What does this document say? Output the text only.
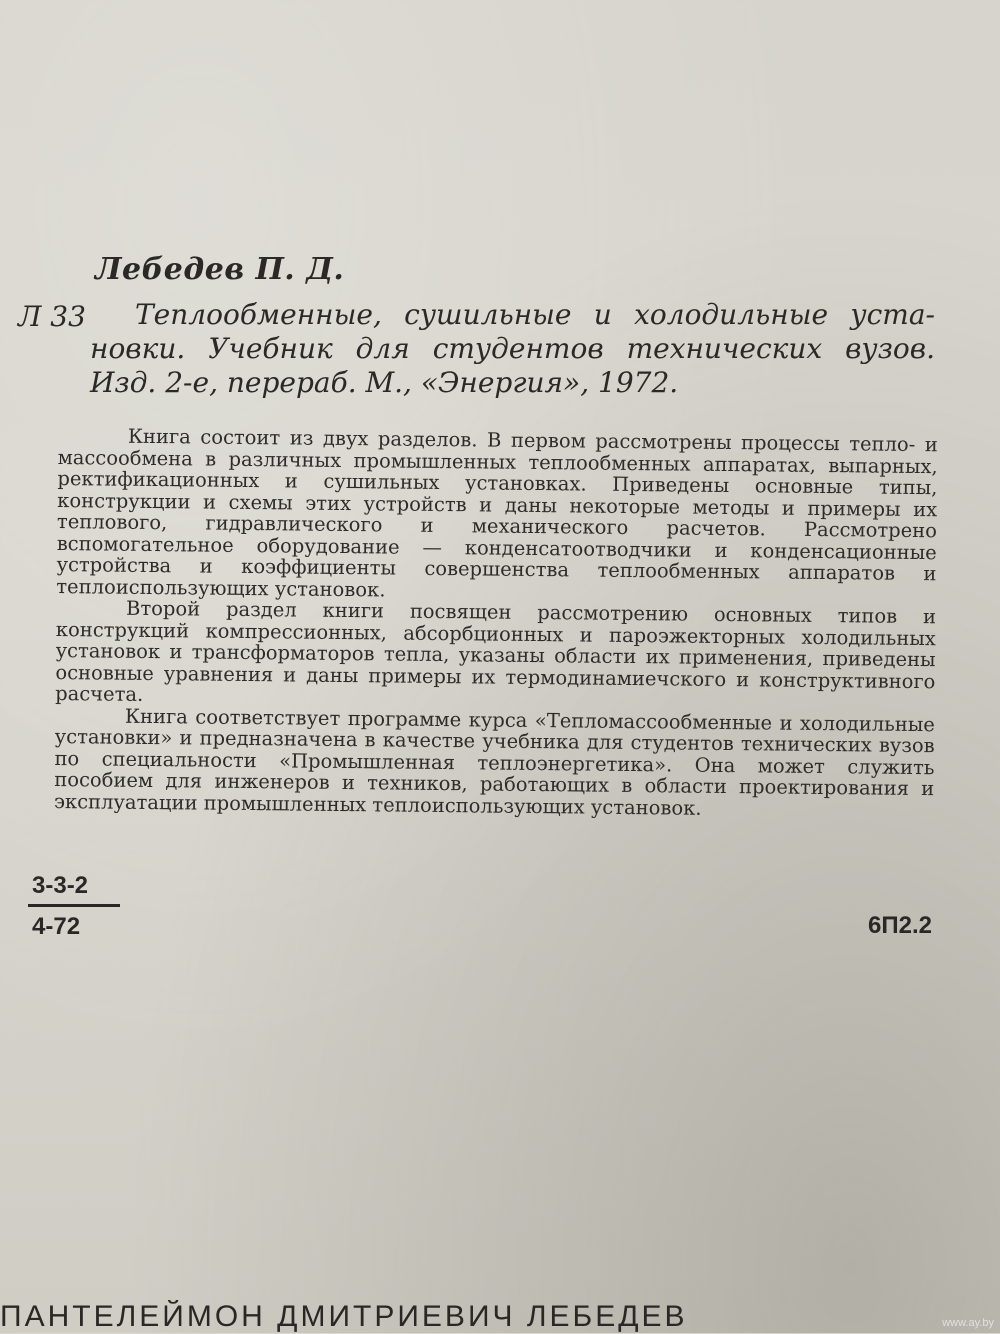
Лебедев П. Д.
Л 33 Теплообменные, сушильные и холодильные уста-
новки. Учебник для студентов технических вузов.
Изд. 2-е, перераб. М., «Энергия», 1972.

Книга состоит из двух разделов. В первом рассмотрены процессы тепло- и массообмена в различных промышленных теплообменных аппаратах, выпарных, ректификационных и сушильных установках. Приведены основные типы, конструкции и схемы этих устройств и даны некоторые методы и примеры их теплового, гидравлического и механического расчетов. Рассмотрено вспомогательное оборудование — конденсатоотводчики и конденсационные устройства и коэффициенты совершенства теплообменных аппаратов и теплоиспользующих установок.

Второй раздел книги посвящен рассмотрению основных типов и конструкций компрессионных, абсорбционных и пароэжекторных холодильных установок и трансформаторов тепла, указаны области их применения, приведены основные уравнения и даны примеры их термодинамиечского и конструктивного расчета.

Книга соответствует программе курса «Тепломассообменные и холодильные установки» и предназначена в качестве учебника для студентов технических вузов по специальности «Промышленная теплоэнергетика». Она может служить пособием для инженеров и техников, работающих в области проектирования и эксплуатации промышленных теплоиспользующих установок.

3-3-2
4-72	6П2.2
ПАНТЕЛЕЙМОН ДМИТРИЕВИЧ ЛЕБЕДЕВ	www.ay.by
